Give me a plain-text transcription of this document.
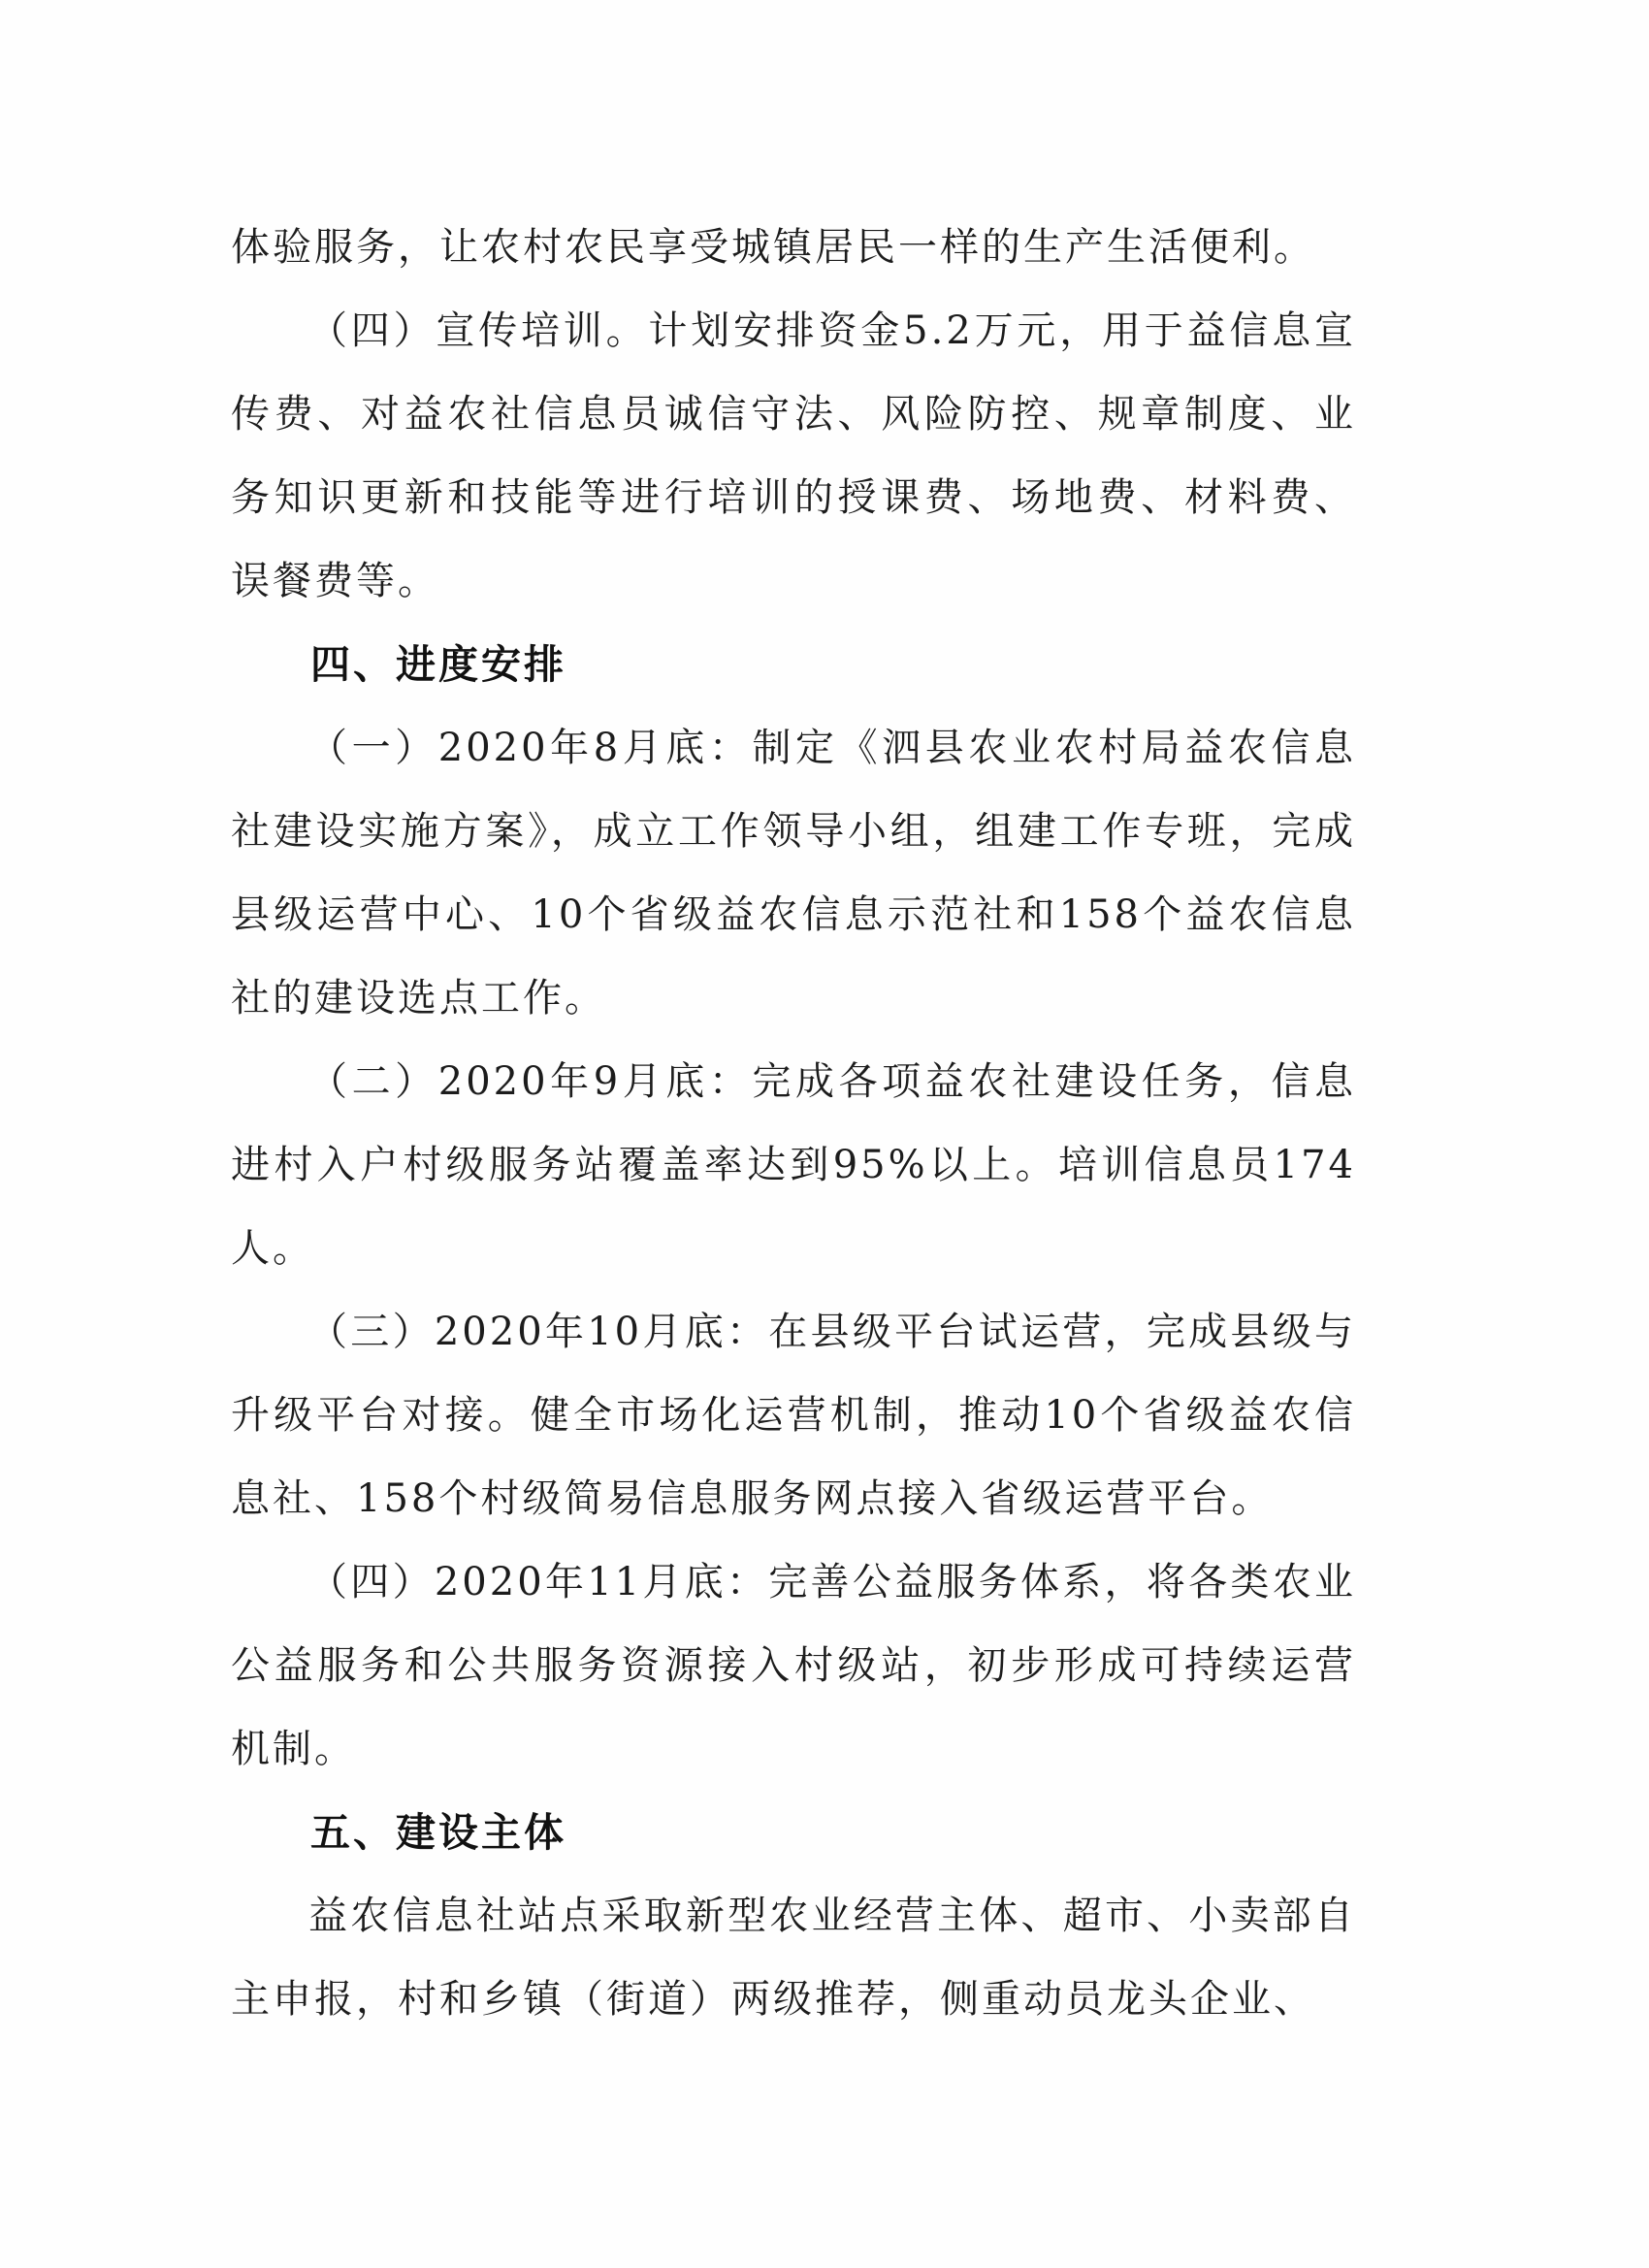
体验服务，让农村农民享受城镇居民一样的生产生活便利。

（四）宣传培训。计划安排资金5.2万元，用于益信息宣传费、对益农社信息员诚信守法、风险防控、规章制度、业务知识更新和技能等进行培训的授课费、场地费、材料费、误餐费等。

四、进度安排

（一）2020年8月底：制定《泗县农业农村局益农信息社建设实施方案》，成立工作领导小组，组建工作专班，完成县级运营中心、10个省级益农信息示范社和158个益农信息社的建设选点工作。

（二）2020年9月底：完成各项益农社建设任务，信息进村入户村级服务站覆盖率达到95%以上。培训信息员174人。

（三）2020年10月底：在县级平台试运营，完成县级与升级平台对接。健全市场化运营机制，推动10个省级益农信息社、158个村级简易信息服务网点接入省级运营平台。

（四）2020年11月底：完善公益服务体系，将各类农业公益服务和公共服务资源接入村级站，初步形成可持续运营机制。

五、建设主体

益农信息社站点采取新型农业经营主体、超市、小卖部自主申报，村和乡镇（街道）两级推荐，侧重动员龙头企业、
